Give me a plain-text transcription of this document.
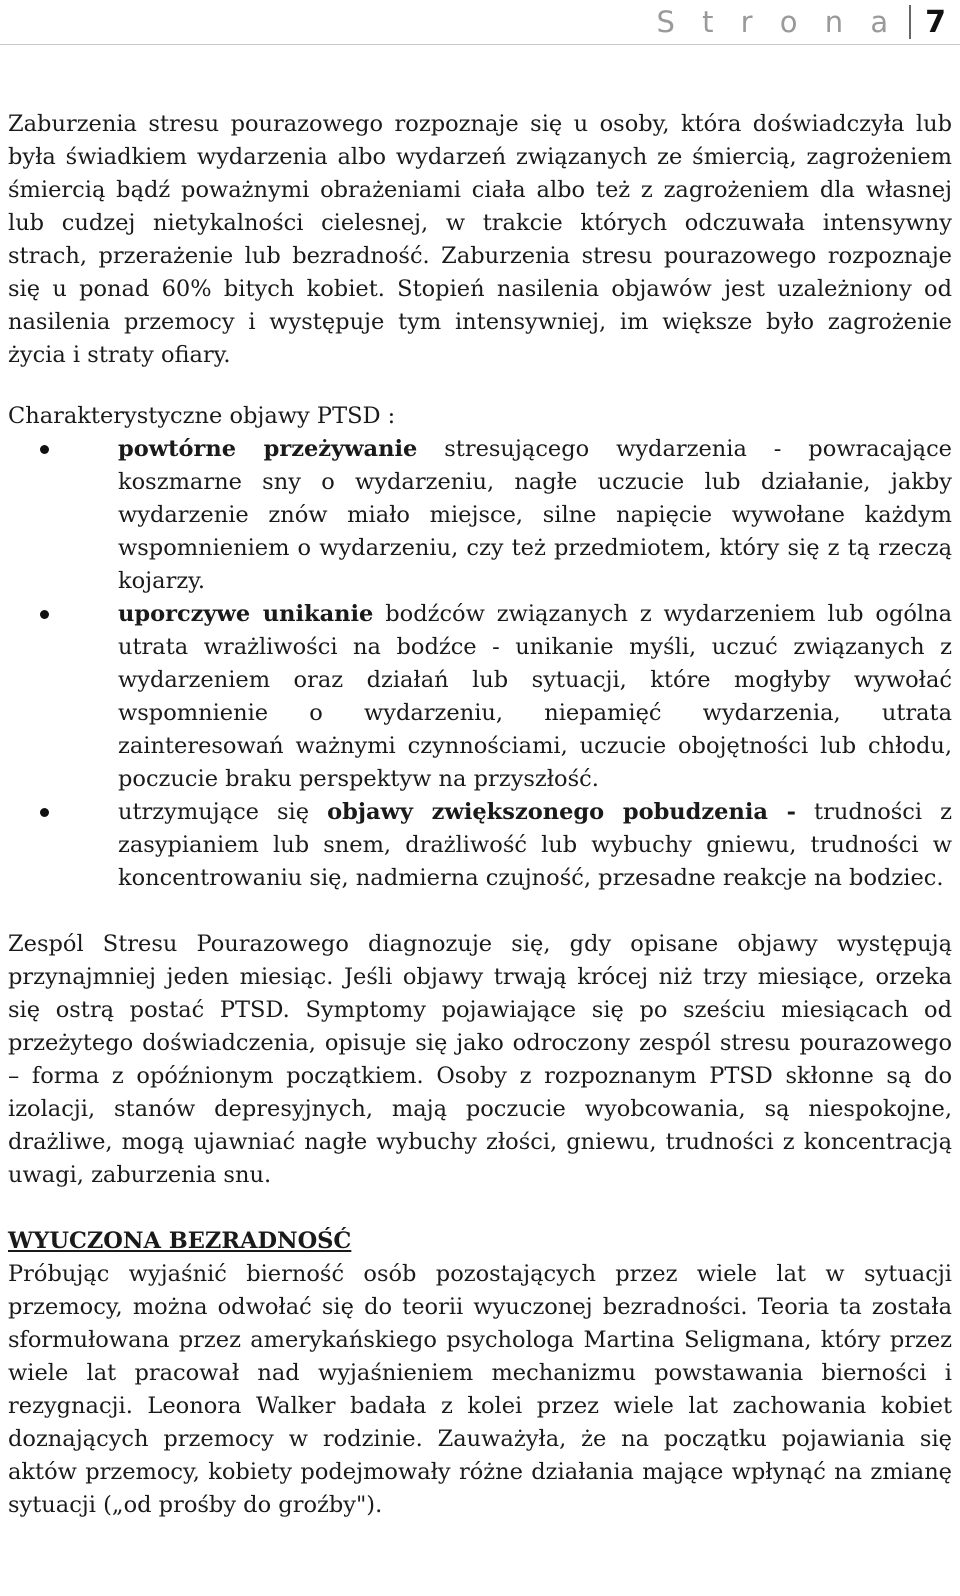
S t r o n a 7

Zaburzenia stresu pourazowego rozpoznaje się u osoby, która doświadczyła lub była świadkiem wydarzenia albo wydarzeń związanych ze śmiercią, zagrożeniem śmiercią bądź poważnymi obrażeniami ciała albo też z zagrożeniem dla własnej lub cudzej nietykalności cielesnej, w trakcie których odczuwała intensywny strach, przerażenie lub bezradność. Zaburzenia stresu pourazowego rozpoznaje się u ponad 60% bitych kobiet. Stopień nasilenia objawów jest uzależniony od nasilenia przemocy i występuje tym intensywniej, im większe było zagrożenie życia i straty ofiary.

Charakterystyczne objawy PTSD :

powtórne przeżywanie stresującego wydarzenia - powracające koszmarne sny o wydarzeniu, nagłe uczucie lub działanie, jakby wydarzenie znów miało miejsce, silne napięcie wywołane każdym wspomnieniem o wydarzeniu, czy też przedmiotem, który się z tą rzeczą kojarzy.
uporczywe unikanie bodźców związanych z wydarzeniem lub ogólna utrata wrażliwości na bodźce - unikanie myśli, uczuć związanych z wydarzeniem oraz działań lub sytuacji, które mogłyby wywołać wspomnienie o wydarzeniu, niepamięć wydarzenia, utrata zainteresowań ważnymi czynnościami, uczucie obojętności lub chłodu, poczucie braku perspektyw na przyszłość.
utrzymujące się objawy zwiększonego pobudzenia - trudności z zasypianiem lub snem, drażliwość lub wybuchy gniewu, trudności w koncentrowaniu się, nadmierna czujność, przesadne reakcje na bodziec.

Zespól Stresu Pourazowego diagnozuje się, gdy opisane objawy występują przynajmniej jeden miesiąc. Jeśli objawy trwają krócej niż trzy miesiące, orzeka się ostrą postać PTSD. Symptomy pojawiające się po sześciu miesiącach od przeżytego doświadczenia, opisuje się jako odroczony zespól stresu pourazowego – forma z opóźnionym początkiem. Osoby z rozpoznanym PTSD skłonne są do izolacji, stanów depresyjnych, mają poczucie wyobcowania, są niespokojne, drażliwe, mogą ujawniać nagłe wybuchy złości, gniewu, trudności z koncentracją uwagi, zaburzenia snu.

WYUCZONA BEZRADNOŚĆ

Próbując wyjaśnić bierność osób pozostających przez wiele lat w sytuacji przemocy, można odwołać się do teorii wyuczonej bezradności. Teoria ta została sformułowana przez amerykańskiego psychologa Martina Seligmana, który przez wiele lat pracował nad wyjaśnieniem mechanizmu powstawania bierności i rezygnacji. Leonora Walker badała z kolei przez wiele lat zachowania kobiet doznających przemocy w rodzinie. Zauważyła, że na początku pojawiania się aktów przemocy, kobiety podejmowały różne działania mające wpłynąć na zmianę sytuacji („od prośby do groźby").
